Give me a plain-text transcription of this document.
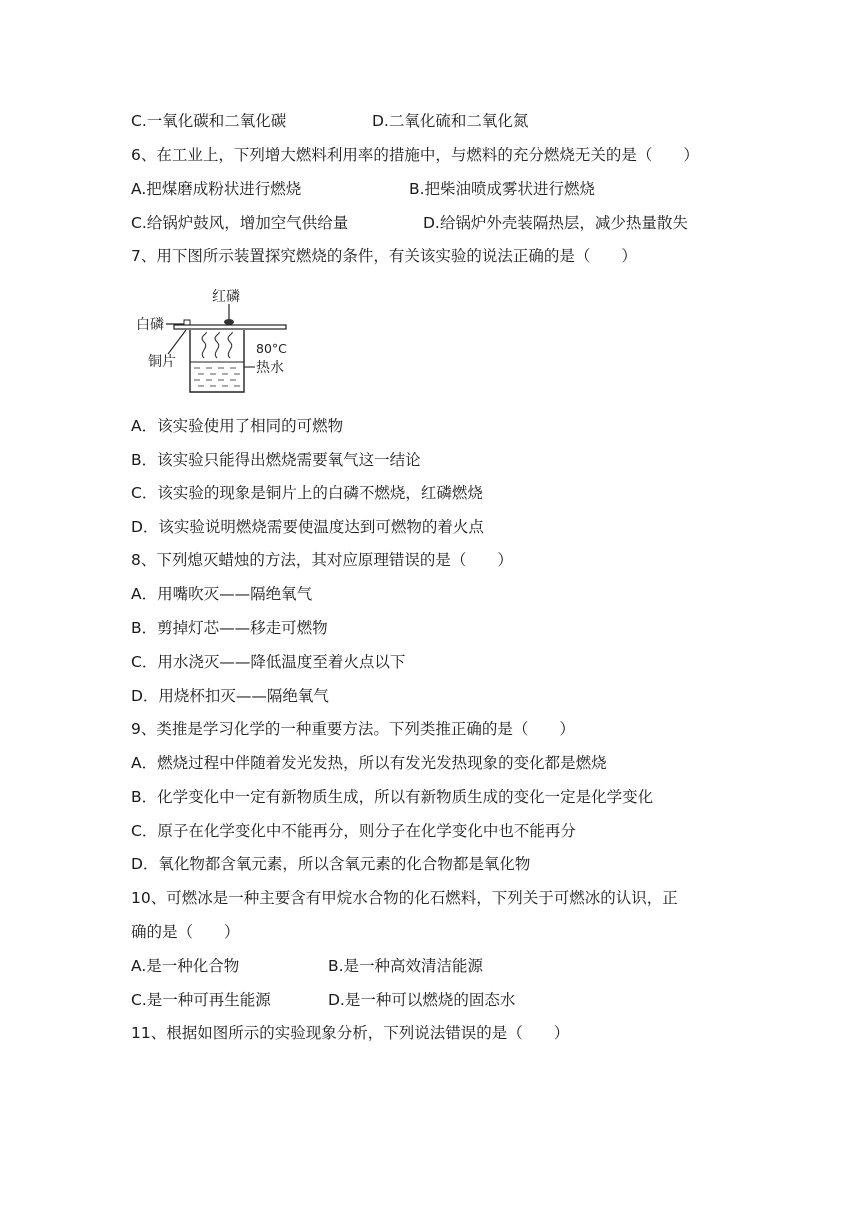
C.一氧化碳和二氧化碳	D.二氧化硫和二氧化氮
6、在工业上，下列增大燃料利用率的措施中，与燃料的充分燃烧无关的是（　　）
A.把煤磨成粉状进行燃烧	B.把柴油喷成雾状进行燃烧
C.给锅炉鼓风，增加空气供给量	D.给锅炉外壳装隔热层，减少热量散失
7、用下图所示装置探究燃烧的条件，有关该实验的说法正确的是（　　）
红磷
白磷
铜片
80°C
热水
A．该实验使用了相同的可燃物
B．该实验只能得出燃烧需要氧气这一结论
C．该实验的现象是铜片上的白磷不燃烧，红磷燃烧
D．该实验说明燃烧需要使温度达到可燃物的着火点
8、下列熄灭蜡烛的方法，其对应原理错误的是（　　）
A．用嘴吹灭——隔绝氧气
B．剪掉灯芯——移走可燃物
C．用水浇灭——降低温度至着火点以下
D．用烧杯扣灭——隔绝氧气
9、类推是学习化学的一种重要方法。下列类推正确的是（　　）
A．燃烧过程中伴随着发光发热，所以有发光发热现象的变化都是燃烧
B．化学变化中一定有新物质生成，所以有新物质生成的变化一定是化学变化
C．原子在化学变化中不能再分，则分子在化学变化中也不能再分
D．氧化物都含氧元素，所以含氧元素的化合物都是氧化物
10、可燃冰是一种主要含有甲烷水合物的化石燃料，下列关于可燃冰的认识，正
确的是（　　）
A.是一种化合物	B.是一种高效清洁能源
C.是一种可再生能源	D.是一种可以燃烧的固态水
11、根据如图所示的实验现象分析，下列说法错误的是（　　）
